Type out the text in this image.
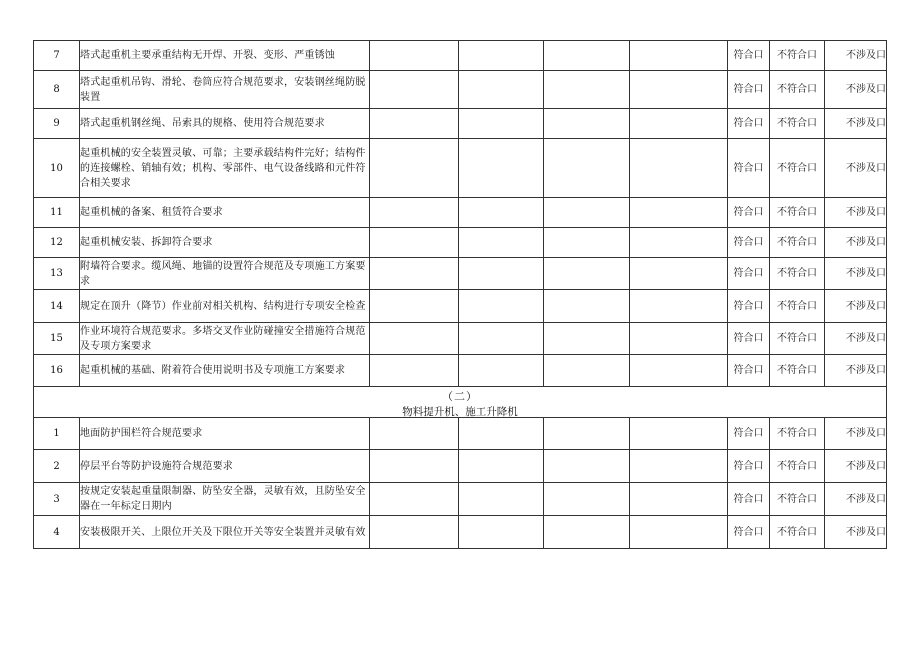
7	塔式起重机主要承重结构无开焊、开裂、变形、严重锈蚀					符合口	不符合口	不涉及口
8	塔式起重机吊钩、滑轮、卷筒应符合规范要求，安装钢丝绳防脱装置					符合口	不符合口	不涉及口
9	塔式起重机钢丝绳、吊索具的规格、使用符合规范要求					符合口	不符合口	不涉及口
10	起重机械的安全装置灵敏、可靠；主要承载结构件完好；结构件的连接螺栓、销轴有效；机构、零部件、电气设备线路和元件符合相关要求					符合口	不符合口	不涉及口
11	起重机械的备案、租赁符合要求					符合口	不符合口	不涉及口
12	起重机械安装、拆卸符合要求					符合口	不符合口	不涉及口
13	附墙符合要求。缆风绳、地锚的设置符合规范及专项施工方案要求					符合口	不符合口	不涉及口
14	规定在顶升（降节）作业前对相关机构、结构进行专项安全检查					符合口	不符合口	不涉及口
15	作业环境符合规范要求。多塔交叉作业防碰撞安全措施符合规范及专项方案要求					符合口	不符合口	不涉及口
16	起重机械的基础、附着符合使用说明书及专项施工方案要求					符合口	不符合口	不涉及口

（二）
物料提升机、施工升降机								

1	地面防护围栏符合规范要求					符合口	不符合口	不涉及口
2	停层平台等防护设施符合规范要求					符合口	不符合口	不涉及口
3	按规定安装起重量限制器、防坠安全器，灵敏有效，且防坠安全器在一年标定日期内					符合口	不符合口	不涉及口
4	安装极限开关、上限位开关及下限位开关等安全装置并灵敏有效					符合口	不符合口	不涉及口
